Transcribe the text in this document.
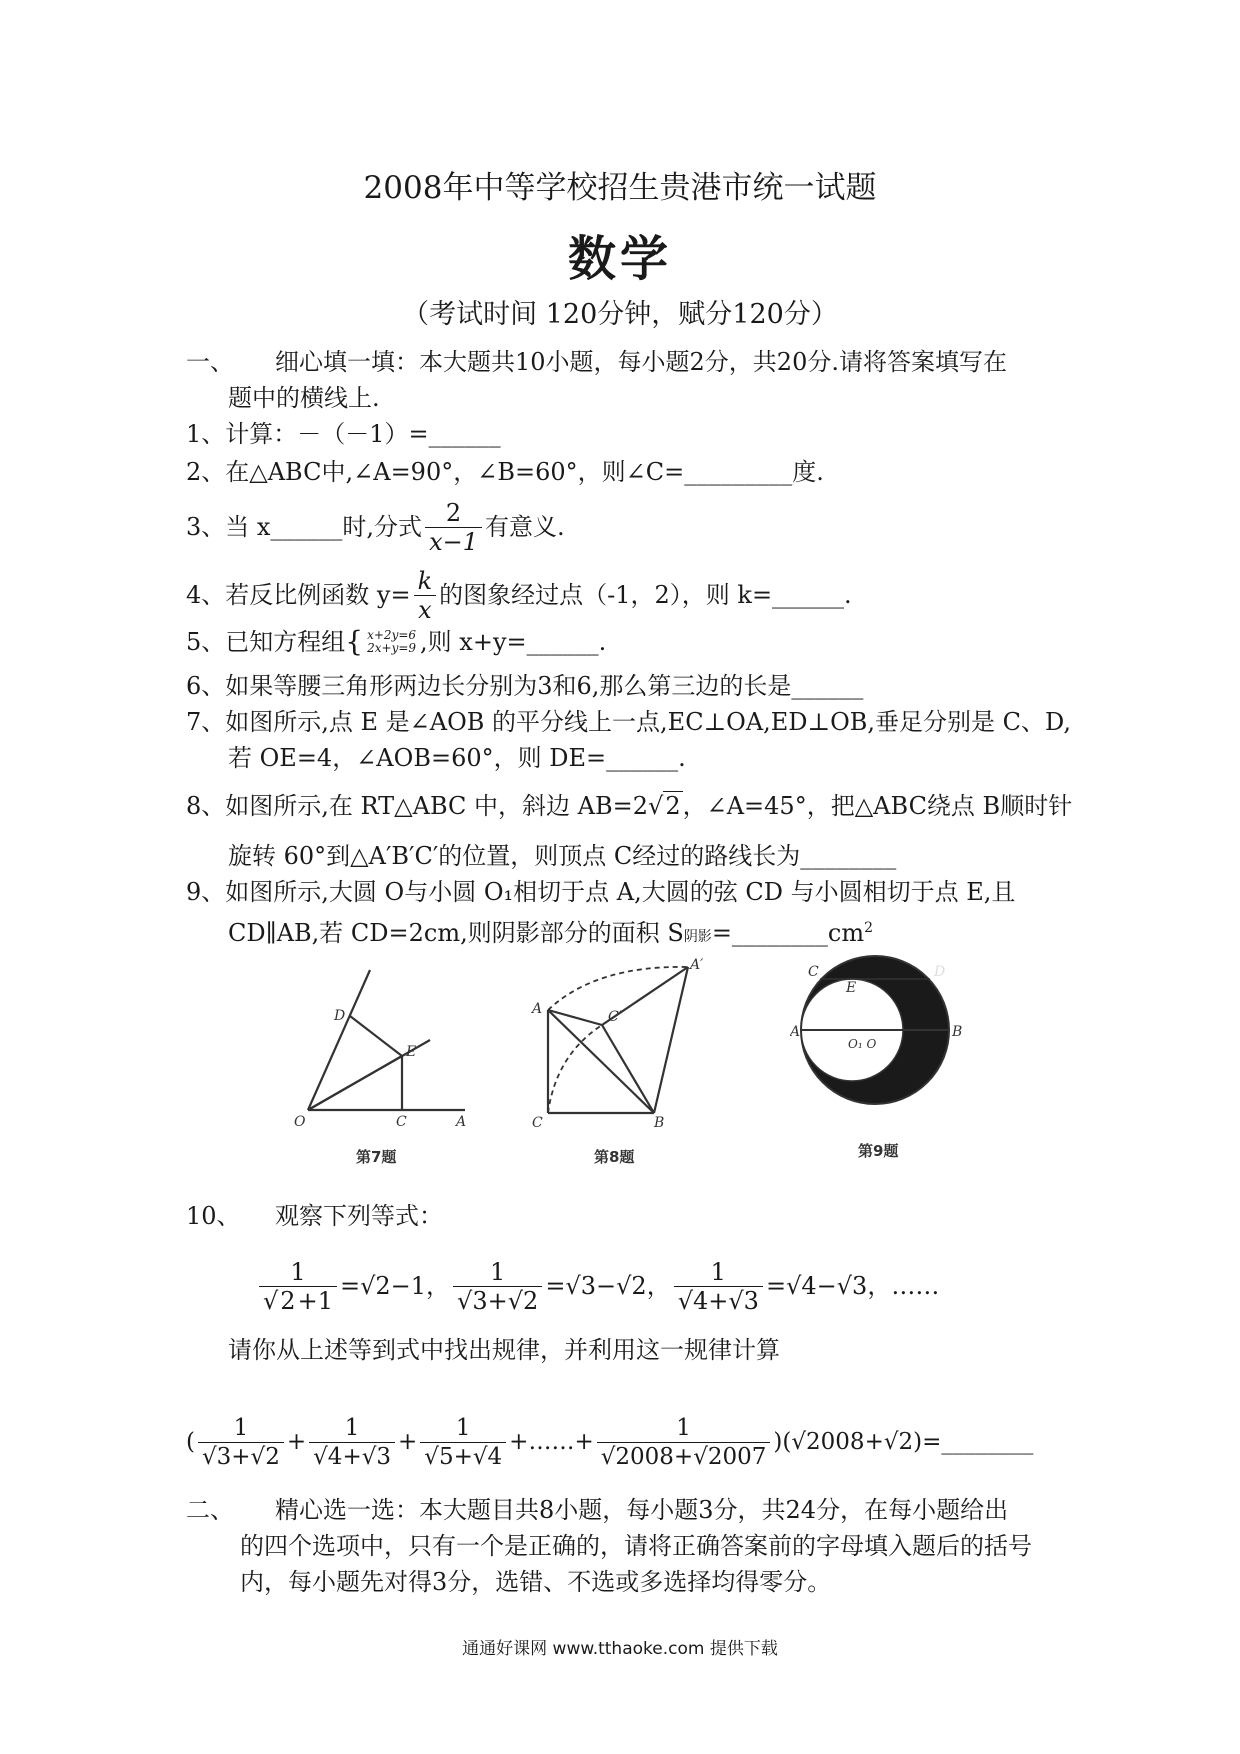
2008年中等学校招生贵港市统一试题
数学
（考试时间 120分钟，赋分120分）
一、 细心填一填：本大题共10小题，每小题2分，共20分.请将答案填写在
题中的横线上.
1、计算：－（－1）=______
2、在△ABC中,∠A=90°，∠B=60°，则∠C=_________度.
3、当 x______时,分式 $\frac{2}{x-1}$ 有意义.
4、若反比例函数 $y= \frac{k}{x}$ 的图象经过点（-1，2），则 k=______.
5、已知方程组 { x+2y=6
2x+y=9 ,则 x+y=______.
6、如果等腰三角形两边长分别为3和6,那么第三边的长是______
7、如图所示,点 E 是∠AOB 的平分线上一点,EC⊥OA,ED⊥OB,垂足分别是 C、D,
若 OE=4，∠AOB=60°，则 DE=______.
8、如图所示,在 RT△ABC 中，斜边 AB=2√2，∠A=45°，把△ABC绕点 B顺时针
旋转 60°到△A′B′C′的位置，则顶点 C经过的路线长为________
9、如图所示,大圆 O与小圆 O₁相切于点 A,大圆的弦 CD 与小圆相切于点 E,且
CD∥AB,若 CD=2cm,则阴影部分的面积 S阴影$=\_\_\_\_\_\_\_\_cm^2$
O	C	A
D
E
第7题
A
C	B
A′
C′
第8题
C	D
E
A	B
O₁ O
第9题
10、 观察下列等式：
$\frac{1}{√2+1} =√2-1$， $\frac{1}{√3+√2} =√3-√2$， $\frac{1}{√4+√3} =√4-√3$，……
请你从上述等到式中找出规律，并利用这一规律计算
( $\frac{1}{√3+√2} + \frac{1}{√4+√3} + \frac{1}{√5+√4}$ +……+ $\frac{1}{√2008+√2007}$ )(√2008+√2)=________
二、 精心选一选：本大题目共8小题，每小题3分，共24分，在每小题给出
的四个选项中，只有一个是正确的，请将正确答案前的字母填入题后的括号
内，每小题先对得3分，选错、不选或多选择均得零分。
通通好课网 www.tthaoke.com 提供下载
